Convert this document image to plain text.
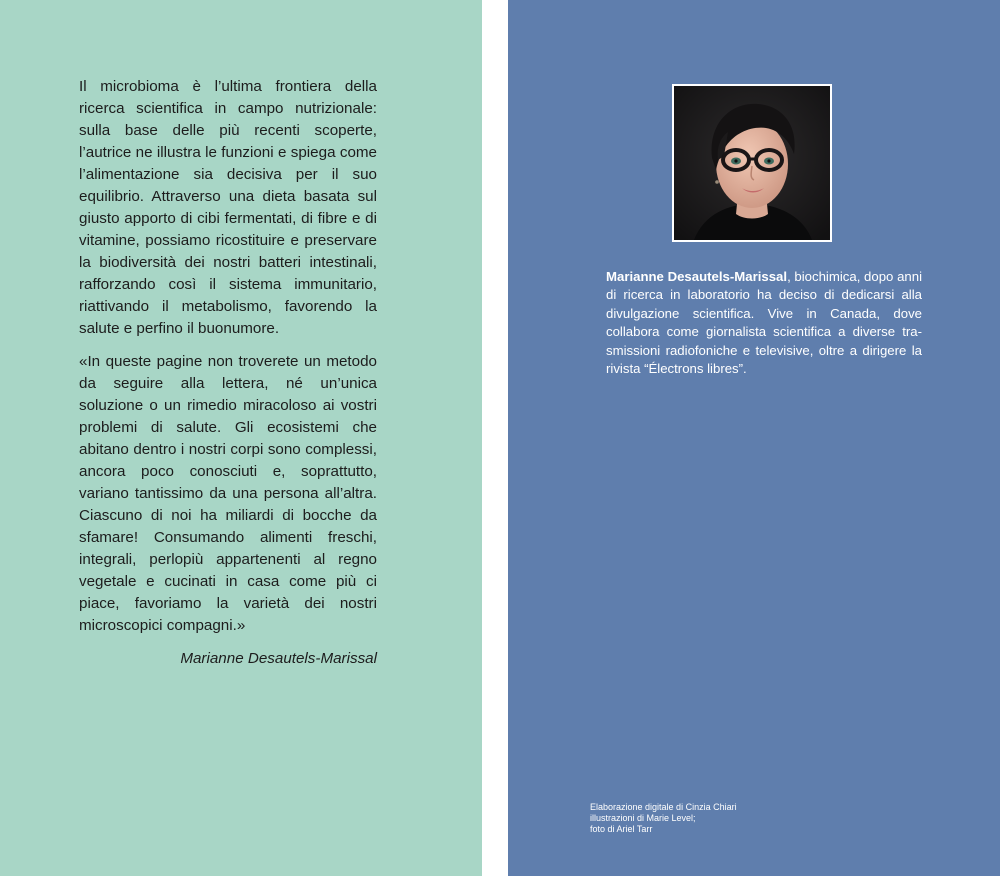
Il microbioma è l’ultima frontiera della ricerca scientifica in campo nutrizionale: sulla base delle più recenti scoperte, l’autrice ne illustra le funzioni e spiega come l’alimentazione sia decisiva per il suo equilibrio. Attraverso una dieta basata sul giusto apporto di cibi fermentati, di fibre e di vitamine, possiamo ricostituire e preservare la biodiversità dei nostri batteri intestinali, rafforzando così il sistema immunitario, riattivando il metabolismo, favorendo la salute e perfino il buonumore.

«In queste pagine non troverete un metodo da seguire alla lettera, né un’unica soluzione o un rimedio miracoloso ai vostri problemi di salute. Gli ecosistemi che abitano dentro i nostri corpi sono complessi, ancora poco conosciuti e, soprattutto, variano tantissimo da una persona all’altra. Ciascuno di noi ha miliardi di bocche da sfamare! Consumando alimenti freschi, integrali, perlopiù appartenenti al regno vegetale e cucinati in casa come più ci piace, favoriamo la varietà dei nostri microscopici compagni.»

Marianne Desautels-Marissal
Marianne Desautels-Marissal, biochimica, dopo anni di ricerca in laboratorio ha deciso di dedicarsi alla divulgazione scientifica. Vive in Canada, dove collabora come giornalista scientifica a diverse trasmissioni radiofoniche e televisive, oltre a dirigere la rivista “Électrons libres”.
Elaborazione digitale di Cinzia Chiari
illustrazioni di Marie Level;
foto di Ariel Tarr
